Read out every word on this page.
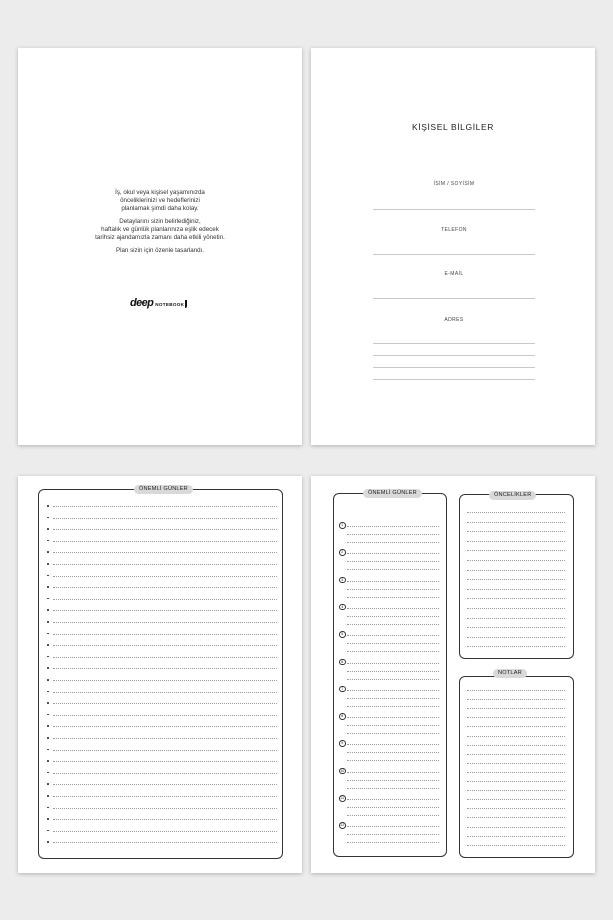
İş, okul veya kişisel yaşamınızda
önceliklerinizi ve hedeflerinizi
planlamak şimdi daha kolay.

Detaylarını sizin belirlediğiniz,
haftalık ve günlük planlarınıza eşlik edecek
tarihsiz ajandamızla zamanı daha etkili yönetin.

Plan sizin için özenle tasarlandı.

deep NOTEBOOK
KİŞİSEL BİLGİLER
İSİM / SOYİSİM
TELEFON
E-MAİL
ADRES
ÖNEMLİ GÜNLER
ÖNEMLİ GÜNLER	ÖNCELİKLER
NOTLAR
1
2
3
4
5
6
7
8
9
10
11
12
